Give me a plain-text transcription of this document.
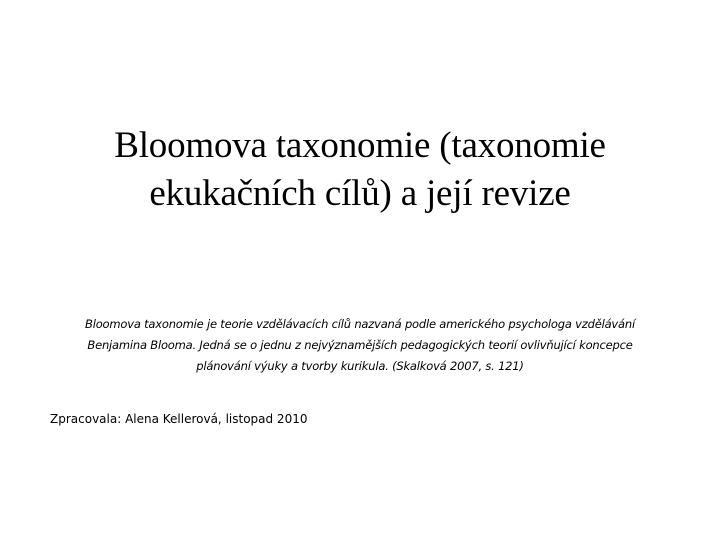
Bloomova taxonomie (taxonomie
ekukačních cílů) a její revize
Bloomova taxonomie je teorie vzdělávacích cílů nazvaná podle amerického psychologa vzdělávání
Benjamina Blooma. Jedná se o jednu z nejvýznamějších pedagogických teorií ovlivňující koncepce
plánování výuky a tvorby kurikula. (Skalková 2007, s. 121)
Zpracovala: Alena Kellerová, listopad 2010
